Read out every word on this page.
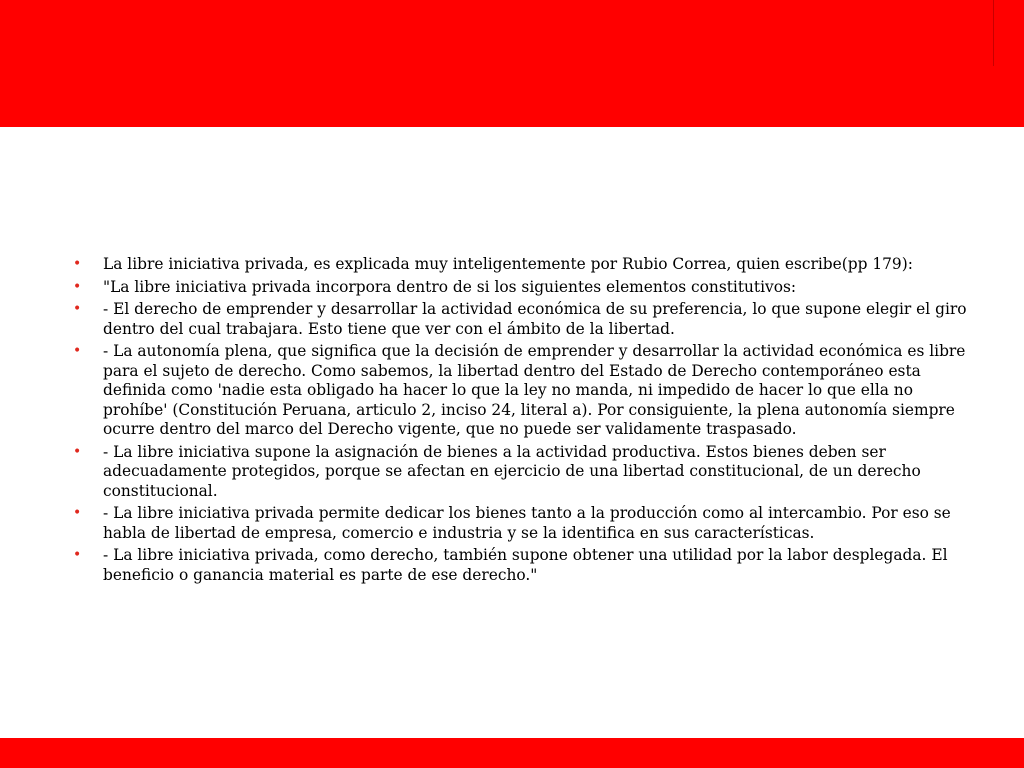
• La libre iniciativa privada, es explicada muy inteligentemente por Rubio Correa, quien escribe(pp 179):
• "La libre iniciativa privada incorpora dentro de si los siguientes elementos constitutivos:
• - El derecho de emprender y desarrollar la actividad económica de su preferencia, lo que supone elegir el giro dentro del cual trabajara. Esto tiene que ver con el ámbito de la libertad.
• - La autonomía plena, que significa que la decisión de emprender y desarrollar la actividad económica es libre para el sujeto de derecho. Como sabemos, la libertad dentro del Estado de Derecho contemporáneo esta definida como 'nadie esta obligado ha hacer lo que la ley no manda, ni impedido de hacer lo que ella no prohíbe' (Constitución Peruana, articulo 2, inciso 24, literal a). Por consiguiente, la plena autonomía siempre ocurre dentro del marco del Derecho vigente, que no puede ser validamente traspasado.
• - La libre iniciativa supone la asignación de bienes a la actividad productiva. Estos bienes deben ser adecuadamente protegidos, porque se afectan en ejercicio de una libertad constitucional, de un derecho constitucional.
• - La libre iniciativa privada permite dedicar los bienes tanto a la producción como al intercambio. Por eso se habla de libertad de empresa, comercio e industria y se la identifica en sus características.
• - La libre iniciativa privada, como derecho, también supone obtener una utilidad por la labor desplegada. El beneficio o ganancia material es parte de ese derecho."
